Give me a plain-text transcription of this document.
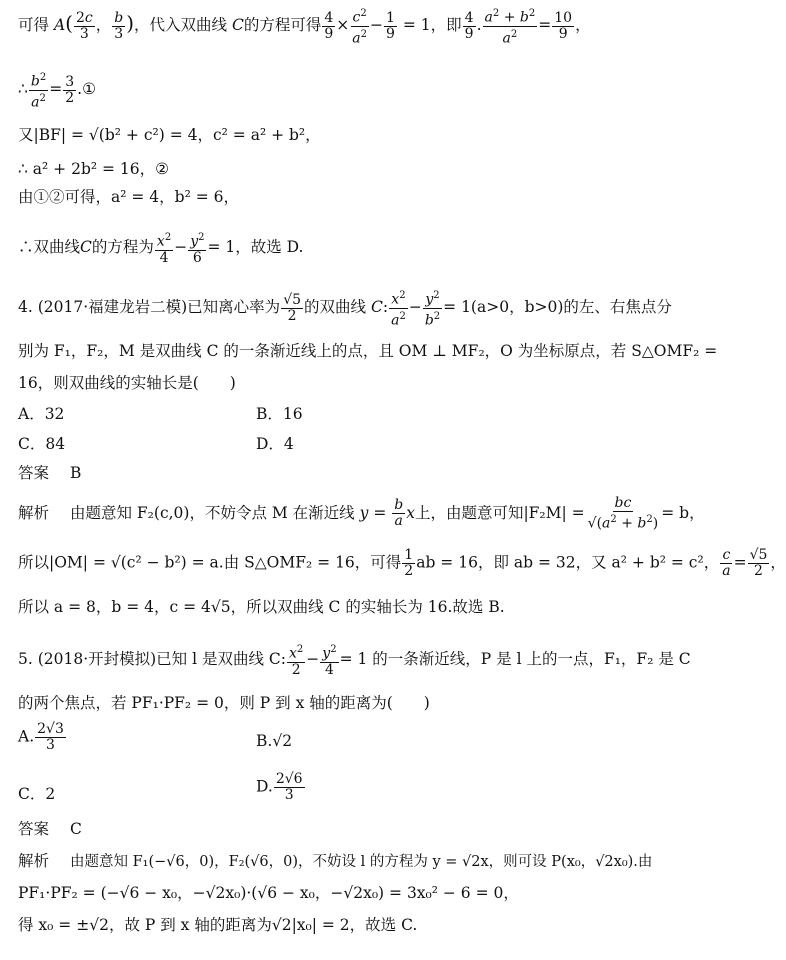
可得 $A( \frac{2c}{3}$ ， $\frac{b}{3}$ )，代入双曲线 C的方程可得 $\frac{4}{9} \times \frac{c^2}{a^2} - \frac{1}{9} = 1$，即 $\frac{4}{9}$ . $\frac{a^2 + b^2}{a^2} = \frac{10}{9}$ ，
∴ $\frac{b^2}{a^2} = \frac{3}{2}$ .①
又|BF| = √(b² + c²) = 4，c² = a² + b²，
∴ a² + 2b² = 16，②
由①②可得，a² = 4，b² = 6，
∴双曲线C的方程为 $\frac{x^2}{4} - \frac{y^2}{6} = 1$，故选 D.
4. (2017·福建龙岩二模)已知离心率为 $\frac{√5}{2}$ 的双曲线 C: $\frac{x^2}{a^2} - \frac{y^2}{b^2} = 1(a>0$，b>0)的左、右焦点分
别为 F₁，F₂，M 是双曲线 C 的一条渐近线上的点，且 OM ⊥ MF₂，O 为坐标原点，若 S△OMF₂ =
16，则双曲线的实轴长是(　　)
A．32	B．16
C．84	D．4
答案 B
解析 由题意知 F₂(c,0)，不妨令点 M 在渐近线 $y = \frac{b}{a}$ x上，由题意可知$|F_2M| = \frac{bc}{√(a^2 + b^2)} = b$，
所以|OM| = √(c² − b²) = a.由 S△OMF₂ = 16，可得 $\frac{1}{2}$ ab = 16，即 ab = 32，又 a² + b² = c²， $\frac{c}{a} = \frac{√5}{2}$ ，
所以 a = 8，b = 4，c = 4√5，所以双曲线 C 的实轴长为 16.故选 B.
5. (2018·开封模拟)已知 l 是双曲线 C: $\frac{x^2}{2} - \frac{y^2}{4} = 1$ 的一条渐近线，P 是 l 上的一点，F₁，F₂ 是 C
的两个焦点，若 PF₁·PF₂ = 0，则 P 到 x 轴的距离为(　　)
A. $\frac{2√3}{3}$	B.√2
C．2	D. $\frac{2√6}{3}$
答案 C
解析 由题意知 F₁(−√6，0)，F₂(√6，0)，不妨设 l 的方程为 y = √2x，则可设 P(x₀，√2x₀).由
PF₁·PF₂ = (−√6 − x₀，−√2x₀)·(√6 − x₀，−√2x₀) = 3x₀² − 6 = 0，
得 x₀ = ±√2，故 P 到 x 轴的距离为√2|x₀| = 2，故选 C.
